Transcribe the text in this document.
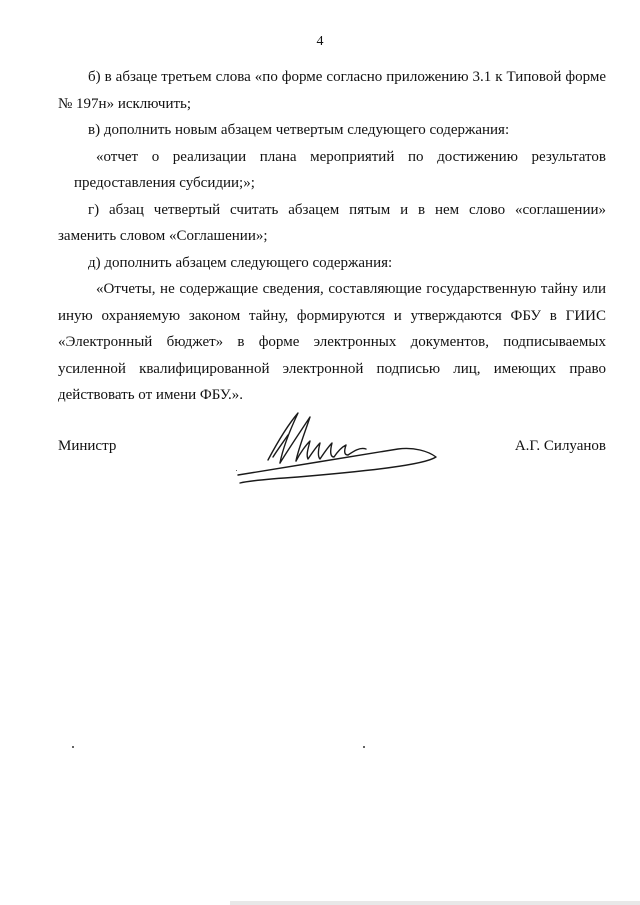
4

б) в абзаце третьем слова «по форме согласно приложению 3.1 к Типовой форме № 197н» исключить;

в) дополнить новым абзацем четвертым следующего содержания:

«отчет о реализации плана мероприятий по достижению результатов предоставления субсидии;»;

г) абзац четвертый считать абзацем пятым и в нем слово «соглашении» заменить словом «Соглашении»;

д) дополнить абзацем следующего содержания:

«Отчеты, не содержащие сведения, составляющие государственную тайну или иную охраняемую законом тайну, формируются и утверждаются ФБУ в ГИИС «Электронный бюджет» в форме электронных документов, подписываемых усиленной квалифицированной электронной подписью лиц, имеющих право действовать от имени ФБУ.».

Министр	А.Г. Силуанов
